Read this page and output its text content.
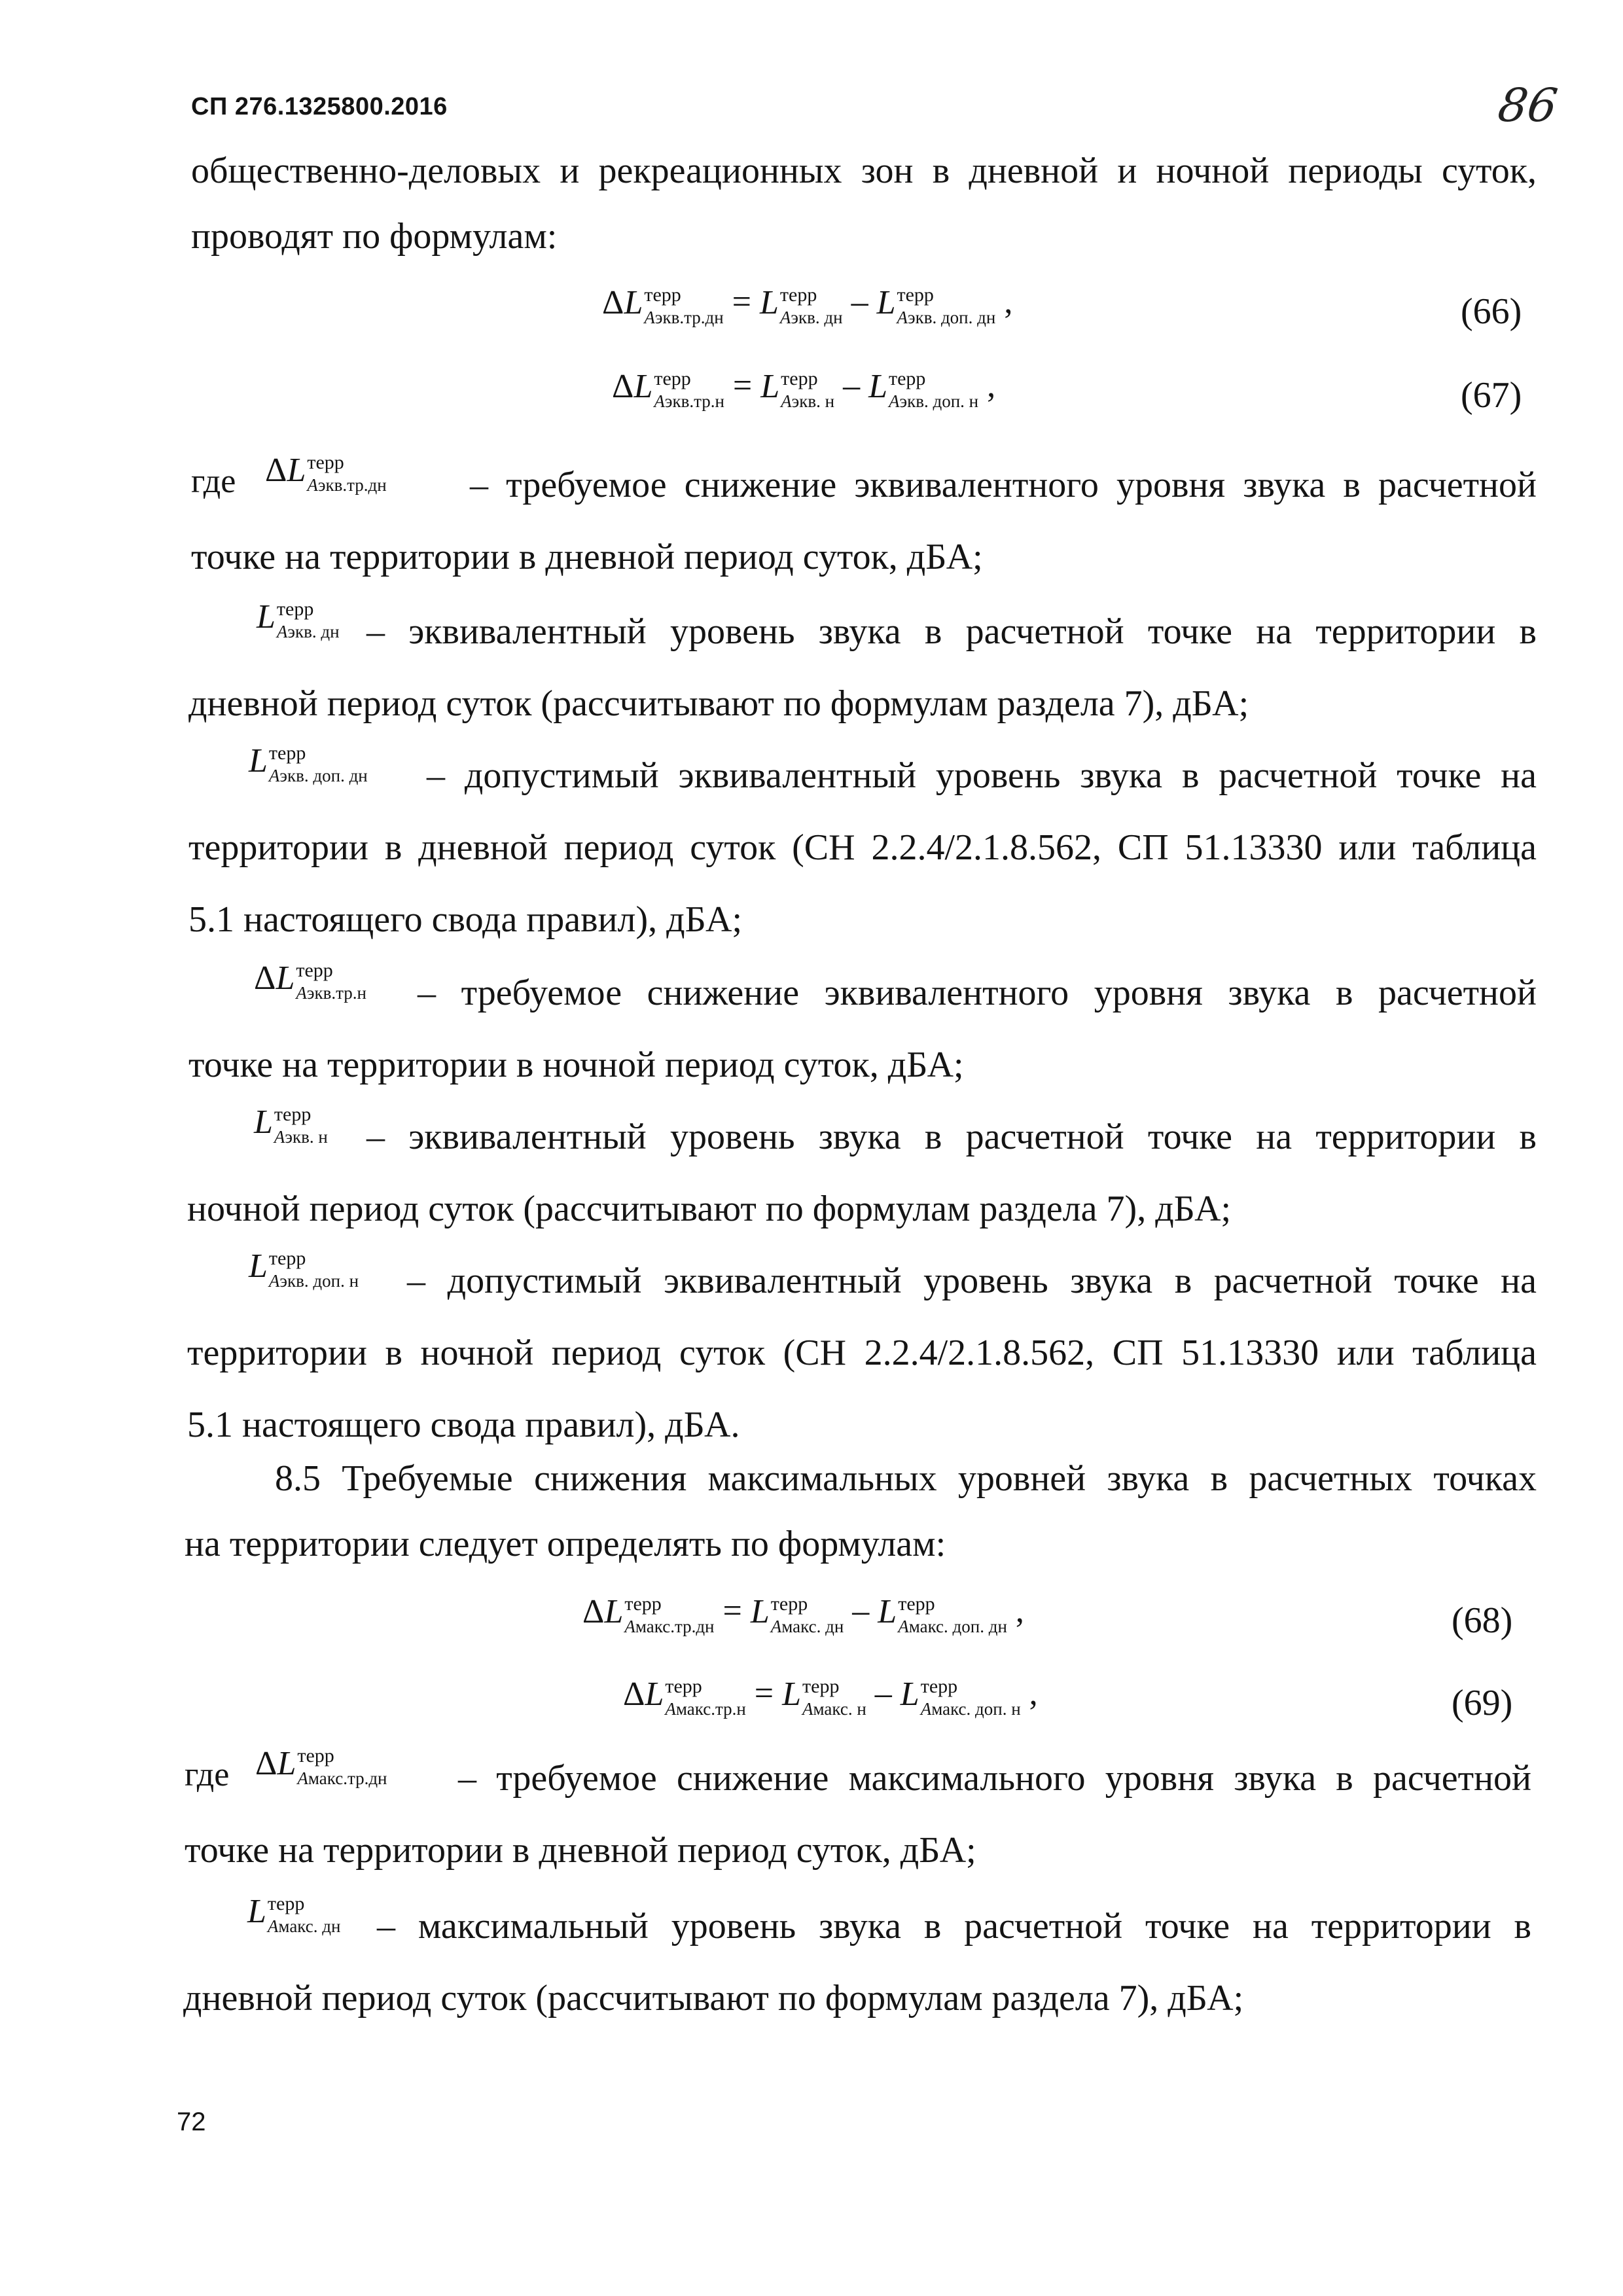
СП 276.1325800.2016	86
общественно-деловых и рекреационных зон в дневной и ночной периоды суток,
проводят по формулам:
ΔL терр
Аэкв.тр.дн = L терр
Аэкв. дн – L терр
Аэкв. доп. дн ,	(66)
ΔL терр
Аэкв.тр.н = L терр
Аэкв. н – L терр
Аэкв. доп. н ,	(67)
ΔL терр
Амакс.тр.дн = L терр
Амакс. дн – L терр
Амакс. доп. дн ,	(68)
ΔL терр
Амакс.тр.н = L терр
Амакс. н – L терр
Амакс. доп. н ,	(69)
где ΔL терр
Аэкв.тр.дн – требуемое снижение эквивалентного уровня звука в расчетной
точке на территории в дневной период суток, дБА;
L терр
Аэкв. дн – эквивалентный уровень звука в расчетной точке на территории в
дневной период суток (рассчитывают по формулам раздела 7), дБА;
L терр
Аэкв. доп. дн – допустимый эквивалентный уровень звука в расчетной точке на
территории в дневной период суток (СН 2.2.4/2.1.8.562, СП 51.13330 или таблица
5.1 настоящего свода правил), дБА;
ΔL терр
Аэкв.тр.н – требуемое снижение эквивалентного уровня звука в расчетной
точке на территории в ночной период суток, дБА;
L терр
Аэкв. н – эквивалентный уровень звука в расчетной точке на территории в
ночной период суток (рассчитывают по формулам раздела 7), дБА;
L терр
Аэкв. доп. н – допустимый эквивалентный уровень звука в расчетной точке на
территории в ночной период суток (СН 2.2.4/2.1.8.562, СП 51.13330 или таблица
5.1 настоящего свода правил), дБА.
где ΔL терр
Амакс.тр.дн – требуемое снижение максимального уровня звука в расчетной
точке на территории в дневной период суток, дБА;
L терр
Амакс. дн – максимальный уровень звука в расчетной точке на территории в
дневной период суток (рассчитывают по формулам раздела 7), дБА;
8.5 Требуемые снижения максимальных уровней звука в расчетных точках
на территории следует определять по формулам:
72
